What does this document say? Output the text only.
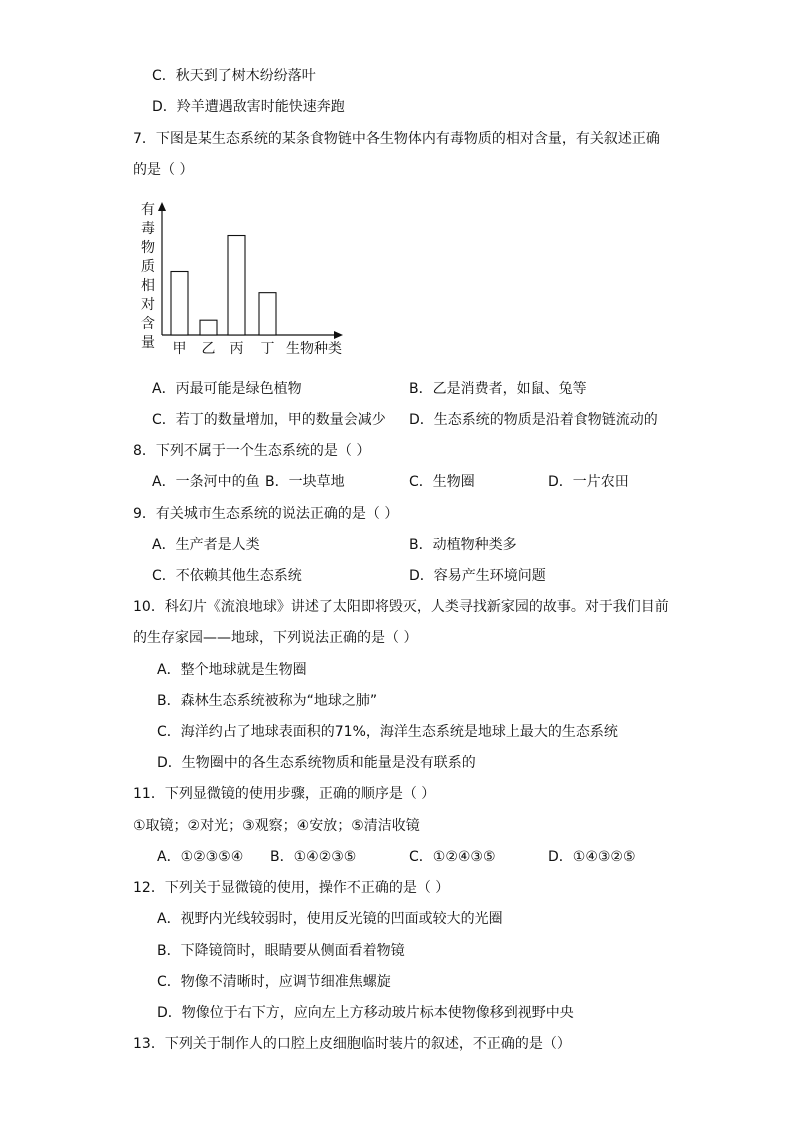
C．秋天到了树木纷纷落叶
D．羚羊遭遇敌害时能快速奔跑
7．下图是某生态系统的某条食物链中各生物体内有毒物质的相对含量，有关叙述正确
的是（ ）
有
毒
物
质
相
对
含
量 甲 乙 丙 丁 生物种类
A．丙最可能是绿色植物	B．乙是消费者，如鼠、兔等
C．若丁的数量增加，甲的数量会减少 D．生态系统的物质是沿着食物链流动的
8．下列不属于一个生态系统的是（ ）
A．一条河中的鱼 B．一块草地	C．生物圈	D．一片农田
9．有关城市生态系统的说法正确的是（ ）
A．生产者是人类	B．动植物种类多
C．不依赖其他生态系统	D．容易产生环境问题
10．科幻片《流浪地球》讲述了太阳即将毁灭，人类寻找新家园的故事。对于我们目前
的生存家园——地球，下列说法正确的是（ ）
A．整个地球就是生物圈
B．森林生态系统被称为“地球之肺”
C．海洋约占了地球表面积的71%，海洋生态系统是地球上最大的生态系统
D．生物圈中的各生态系统物质和能量是没有联系的
11．下列显微镜的使用步骤，正确的顺序是（ ）
①取镜；②对光；③观察；④安放；⑤清洁收镜
A．①②③⑤④ B．①④②③⑤	C．①②④③⑤	D．①④③②⑤
12．下列关于显微镜的使用，操作不正确的是（ ）
A．视野内光线较弱时，使用反光镜的凹面或较大的光圈
B．下降镜筒时，眼睛要从侧面看着物镜
C．物像不清晰时，应调节细准焦螺旋
D．物像位于右下方，应向左上方移动玻片标本使物像移到视野中央
13．下列关于制作人的口腔上皮细胞临时装片的叙述，不正确的是（）
